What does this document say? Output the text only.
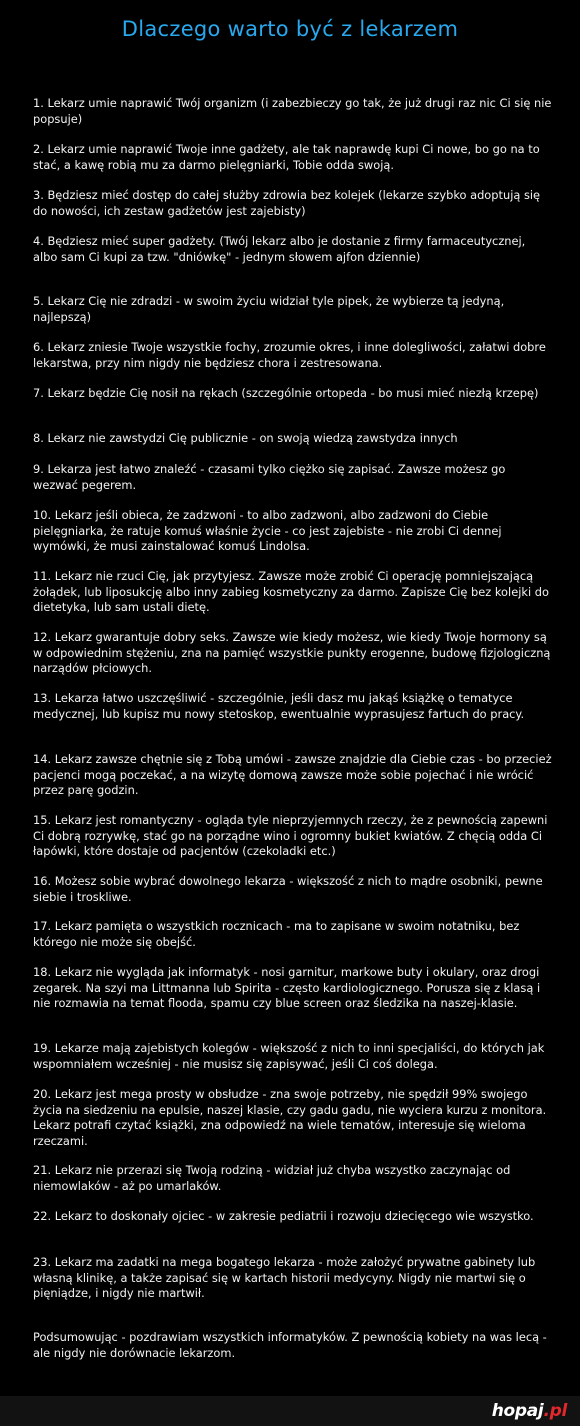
Dlaczego warto być z lekarzem

1. Lekarz umie naprawić Twój organizm (i zabezbieczy go tak, że już drugi raz nic Ci się nie popsuje)

2. Lekarz umie naprawić Twoje inne gadżety, ale tak naprawdę kupi Ci nowe, bo go na to stać, a kawę robią mu za darmo pielęgniarki, Tobie odda swoją.

3. Będziesz mieć dostęp do całej służby zdrowia bez kolejek (lekarze szybko adoptują się do nowości, ich zestaw gadżetów jest zajebisty)

4. Będziesz mieć super gadżety. (Twój lekarz albo je dostanie z firmy farmaceutycznej, albo sam Ci kupi za tzw. "dniówkę" - jednym słowem ajfon dziennie)

5. Lekarz Cię nie zdradzi - w swoim życiu widział tyle pipek, że wybierze tą jedyną, najlepszą)

6. Lekarz zniesie Twoje wszystkie fochy, zrozumie okres, i inne dolegliwości, załatwi dobre lekarstwa, przy nim nigdy nie będziesz chora i zestresowana.

7. Lekarz będzie Cię nosił na rękach (szczególnie ortopeda - bo musi mieć niezłą krzepę)

8. Lekarz nie zawstydzi Cię publicznie - on swoją wiedzą zawstydza innych

9. Lekarza jest łatwo znaleźć - czasami tylko ciężko się zapisać. Zawsze możesz go wezwać pegerem.

10. Lekarz jeśli obieca, że zadzwoni - to albo zadzwoni, albo zadzwoni do Ciebie pielęgniarka, że ratuje komuś właśnie życie - co jest zajebiste - nie zrobi Ci dennej wymówki, że musi zainstalować komuś Lindolsa.

11. Lekarz nie rzuci Cię, jak przytyjesz. Zawsze może zrobić Ci operację pomniejszającą żołądek, lub liposukcję albo inny zabieg kosmetyczny za darmo. Zapisze Cię bez kolejki do dietetyka, lub sam ustali dietę.

12. Lekarz gwarantuje dobry seks. Zawsze wie kiedy możesz, wie kiedy Twoje hormony są w odpowiednim stężeniu, zna na pamięć wszystkie punkty erogenne, budowę fizjologiczną narządów płciowych.

13. Lekarza łatwo uszczęśliwić - szczególnie, jeśli dasz mu jakąś książkę o tematyce medycznej, lub kupisz mu nowy stetoskop, ewentualnie wyprasujesz fartuch do pracy.

14. Lekarz zawsze chętnie się z Tobą umówi - zawsze znajdzie dla Ciebie czas - bo przecież pacjenci mogą poczekać, a na wizytę domową zawsze może sobie pojechać i nie wrócić przez parę godzin.

15. Lekarz jest romantyczny - ogląda tyle nieprzyjemnych rzeczy, że z pewnością zapewni Ci dobrą rozrywkę, stać go na porządne wino i ogromny bukiet kwiatów. Z chęcią odda Ci łapówki, które dostaje od pacjentów (czekoladki etc.)

16. Możesz sobie wybrać dowolnego lekarza - większość z nich to mądre osobniki, pewne siebie i troskliwe.

17. Lekarz pamięta o wszystkich rocznicach - ma to zapisane w swoim notatniku, bez którego nie może się obejść.

18. Lekarz nie wygląda jak informatyk - nosi garnitur, markowe buty i okulary, oraz drogi zegarek. Na szyi ma Littmanna lub Spirita - często kardiologicznego. Porusza się z klasą i nie rozmawia na temat flooda, spamu czy blue screen oraz śledzika na naszej-klasie.

19. Lekarze mają zajebistych kolegów - większość z nich to inni specjaliści, do których jak wspomniałem wcześniej - nie musisz się zapisywać, jeśli Ci coś dolega.

20. Lekarz jest mega prosty w obsłudze - zna swoje potrzeby, nie spędził 99% swojego życia na siedzeniu na epulsie, naszej klasie, czy gadu gadu, nie wyciera kurzu z monitora. Lekarz potrafi czytać książki, zna odpowiedź na wiele tematów, interesuje się wieloma rzeczami.

21. Lekarz nie przerazi się Twoją rodziną - widział już chyba wszystko zaczynając od niemowlaków - aż po umarlaków.

22. Lekarz to doskonały ojciec - w zakresie pediatrii i rozwoju dziecięcego wie wszystko.

23. Lekarz ma zadatki na mega bogatego lekarza - może założyć prywatne gabinety lub własną klinikę, a także zapisać się w kartach historii medycyny. Nigdy nie martwi się o pięniądze, i nigdy nie martwił.

Podsumowując - pozdrawiam wszystkich informatyków. Z pewnością kobiety na was lecą - ale nigdy nie dorównacie lekarzom.

hopaj.pl
